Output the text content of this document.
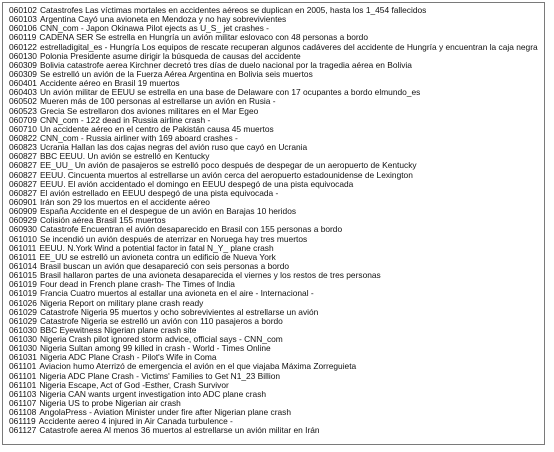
060102 Catastrofes Las víctimas mortales en accidentes aéreos se duplican en 2005, hasta los 1_454 fallecidos
060103 Argentina Cayó una avioneta en Mendoza y no hay sobrevivientes
060106 CNN_com - Japon Okinawa Pilot ejects as U_S_ jet crashes -
060119 CADENA SER Se estrella en Hungría un avión militar eslovaco con 48 personas a bordo
060122 estrelladigital_es - Hungría Los equipos de rescate recuperan algunos cadáveres del accidente de Hungría y encuentran la caja negra
060130 Polonia Presidente asume dirigir la búsqueda de causas del accidente
060309 Bolivia catastrofe aerea Kirchner decretó tres días de duelo nacional por la tragedia aérea en Bolivia
060309 Se estrelló un avión de la Fuerza Aérea Argentina en Bolivia seis muertos
060401 Accidente aéreo en Brasil 19 muertos
060403 Un avión militar de EEUU se estrella en una base de Delaware con 17 ocupantes a bordo elmundo_es
060502 Mueren más de 100 personas al estrellarse un avión en Rusia -
060523 Grecia Se estrellaron dos aviones militares en el Mar Egeo
060709 CNN_com - 122 dead in Russia airline crash -
060710 Un accidente aéreo en el centro de Pakistán causa 45 muertos
060822 CNN_com - Russia airliner with 169 aboard crashes -
060823 Ucrania Hallan las dos cajas negras del avión ruso que cayó en Ucrania
060827 BBC EEUU. Un avión se estrelló en Kentucky
060827 EE_UU_ Un avión de pasajeros se estrelló poco después de despegar de un aeropuerto de Kentucky
060827 EEUU. Cincuenta muertos al estrellarse un avión cerca del aeropuerto estadounidense de Lexington
060827 EEUU. El avión accidentado el domingo en EEUU despegó de una pista equivocada
060827 El avión estrellado en EEUU despegó de una pista equivocada -
060901 Irán son 29 los muertos en el accidente aéreo
060909 España Accidente en el despegue de un avión en Barajas 10 heridos
060929 Colisión aérea Brasil 155 muertos
060930 Catastrofe Encuentran el avión desaparecido en Brasil con 155 personas a bordo
061010 Se incendió un avión después de aterrizar en Noruega hay tres muertos
061011 EEUU. N.York Wind a potential factor in fatal N_Y_ plane crash
061011 EE_UU se estrelló un avioneta contra un edificio de Nueva York
061014 Brasil buscan un avión que desapareció con seis personas a bordo
061015 Brasil hallaron partes de una avioneta desaparecida el viernes y los restos de tres personas
061019 Four dead in French plane crash- The Times of India
061019 Francia Cuatro muertos al estallar una avioneta en el aire - Internacional -
061026 Nigeria Report on military plane crash ready
061029 Catastrofe Nigeria 95 muertos y ocho sobrevivientes al estrellarse un avión
061029 Catastrofe Nigeria se estrelló un avión con 110 pasajeros a bordo
061030 BBC Eyewitness Nigerian plane crash site
061030 Nigeria Crash pilot ignored storm advice, official says - CNN_com
061030 Nigeria Sultan among 99 killed in crash - World - Times Online
061031 Nigeria ADC Plane Crash - Pilot's Wife in Coma
061101 Aviacion humo Aterrizó de emergencia el avión en el que viajaba Máxima Zorreguieta
061101 Nigeria ADC Plane Crash - Victims' Families to Get N1_23 Billion
061101 Nigeria Escape, Act of God -Esther, Crash Survivor
061103 Nigeria CAN wants urgent investigation into ADC plane crash
061107 Nigeria US to probe Nigerian air crash
061108 AngolaPress - Aviation Minister under fire after Nigerian plane crash
061119 Accidente aereo 4 injured in Air Canada turbulence -
061127 Catastrofe aerea Al menos 36 muertos al estrellarse un avión militar en Irán
